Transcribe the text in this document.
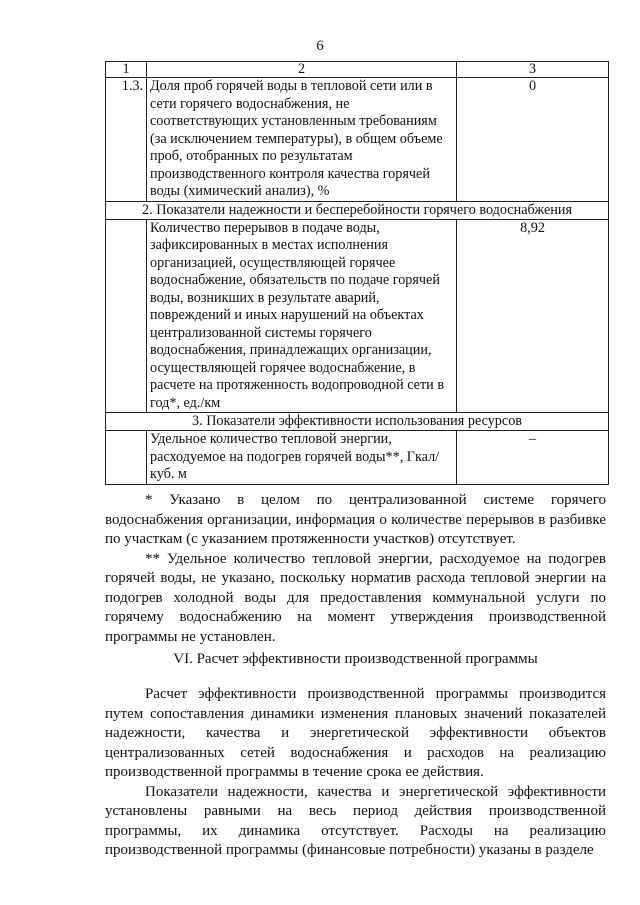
6
1	2	3
1.3.	Доля проб горячей воды в тепловой сети или в сети горячего водоснабжения, не соответствующих установленным требованиям (за исключением температуры), в общем объеме проб, отобранных по результатам производственного контроля качества горячей воды (химический анализ), %	0
2. Показатели надежности и бесперебойности горячего водоснабжения		
	Количество перерывов в подаче воды, зафиксированных в местах исполнения организацией, осуществляющей горячее водоснабжение, обязательств по подаче горячей воды, возникших в результате аварий, повреждений и иных нарушений на объектах централизованной системы горячего водоснабжения, принадлежащих организации, осуществляющей горячее водоснабжение, в расчете на протяженность водопроводной сети в год*, ед./км	8,92
3. Показатели эффективности использования ресурсов		
	Удельное количество тепловой энергии, расходуемое на подогрев горячей воды**, Гкал/ куб. м	–

* Указано в целом по централизованной системе горячего водоснабжения организации, информация о количестве перерывов в разбивке по участкам (с указанием протяженности участков) отсутствует.

** Удельное количество тепловой энергии, расходуемое на подогрев горячей воды, не указано, поскольку норматив расхода тепловой энергии на подогрев холодной воды для предоставления коммунальной услуги по горячему водоснабжению на момент утверждения производственной программы не установлен.

VI. Расчет эффективности производственной программы

Расчет эффективности производственной программы производится путем сопоставления динамики изменения плановых значений показателей надежности, качества и энергетической эффективности объектов централизованных сетей водоснабжения и расходов на реализацию производственной программы в течение срока ее действия.

Показатели надежности, качества и энергетической эффективности установлены равными на весь период действия производственной программы, их динамика отсутствует. Расходы на реализацию производственной программы (финансовые потребности) указаны в разделе
